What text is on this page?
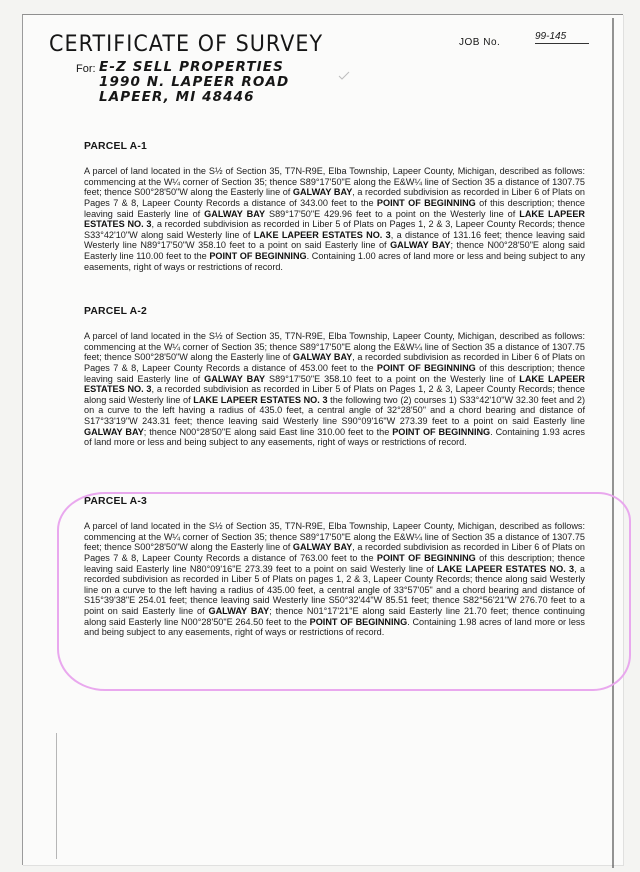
CERTIFICATE OF SURVEY	JOB No.
99-145
For: E-Z SELL PROPERTIES
1990 N. LAPEER ROAD
LAPEER, MI 48446
PARCEL A-1
A parcel of land located in the S½ of Section 35, T7N-R9E, Elba Township, Lapeer County, Michigan, described as follows: commencing at the W¼ corner of Section 35; thence S89°17'50"E along the E&W¼ line of Section 35 a distance of 1307.75 feet; thence S00°28'50"W along the Easterly line of GALWAY BAY, a recorded subdivision as recorded in Liber 6 of Plats on Pages 7 & 8, Lapeer County Records a distance of 343.00 feet to the POINT OF BEGINNING of this description; thence leaving said Easterly line of GALWAY BAY S89°17'50"E 429.96 feet to a point on the Westerly line of LAKE LAPEER ESTATES NO. 3, a recorded subdivision as recorded in Liber 5 of Plats on Pages 1, 2 & 3, Lapeer County Records; thence S33°42'10"W along said Westerly line of LAKE LAPEER ESTATES NO. 3, a distance of 131.16 feet; thence leaving said Westerly line N89°17'50"W 358.10 feet to a point on said Easterly line of GALWAY BAY; thence N00°28'50"E along said Easterly line 110.00 feet to the POINT OF BEGINNING. Containing 1.00 acres of land more or less and being subject to any easements, right of ways or restrictions of record.
PARCEL A-2
A parcel of land located in the S½ of Section 35, T7N-R9E, Elba Township, Lapeer County, Michigan, described as follows: commencing at the W¼ corner of Section 35; thence S89°17'50"E along the E&W¼ line of Section 35 a distance of 1307.75 feet; thence S00°28'50"W along the Easterly line of GALWAY BAY, a recorded subdivision as recorded in Liber 6 of Plats on Pages 7 & 8, Lapeer County Records a distance of 453.00 feet to the POINT OF BEGINNING of this description; thence leaving said Easterly line of GALWAY BAY S89°17'50"E 358.10 feet to a point on the Westerly line of LAKE LAPEER ESTATES NO. 3, a recorded subdivision as recorded in Liber 5 of Plats on Pages 1, 2 & 3, Lapeer County Records; thence along said Westerly line of LAKE LAPEER ESTATES NO. 3 the following two (2) courses 1) S33°42'10"W 32.30 feet and 2) on a curve to the left having a radius of 435.0 feet, a central angle of 32°28'50" and a chord bearing and distance of S17°33'19"W 243.31 feet; thence leaving said Westerly line S90°09'16"W 273.39 feet to a point on said Easterly line GALWAY BAY; thence N00°28'50"E along said East line 310.00 feet to the POINT OF BEGINNING. Containing 1.93 acres of land more or less and being subject to any easements, right of ways or restrictions of record.
PARCEL A-3
A parcel of land located in the S½ of Section 35, T7N-R9E, Elba Township, Lapeer County, Michigan, described as follows: commencing at the W¼ corner of Section 35; thence S89°17'50"E along the E&W¼ line of Section 35 a distance of 1307.75 feet; thence S00°28'50"W along the Easterly line of GALWAY BAY, a recorded subdivision as recorded in Liber 6 of Plats on Pages 7 & 8, Lapeer County Records a distance of 763.00 feet to the POINT OF BEGINNING of this description; thence leaving said Easterly line N80°09'16"E 273.39 feet to a point on said Westerly line of LAKE LAPEER ESTATES NO. 3, a recorded subdivision as recorded in Liber 5 of Plats on pages 1, 2 & 3, Lapeer County Records; thence along said Westerly line on a curve to the left having a radius of 435.00 feet, a central angle of 33°57'05" and a chord bearing and distance of S15°39'38"E 254.01 feet; thence leaving said Westerly line S50°32'44"W 85.51 feet; thence S82°56'21"W 276.70 feet to a point on said Easterly line of GALWAY BAY; thence N01°17'21"E along said Easterly line 21.70 feet; thence continuing along said Easterly line N00°28'50"E 264.50 feet to the POINT OF BEGINNING. Containing 1.98 acres of land more or less and being subject to any easements, right of ways or restrictions of record.
